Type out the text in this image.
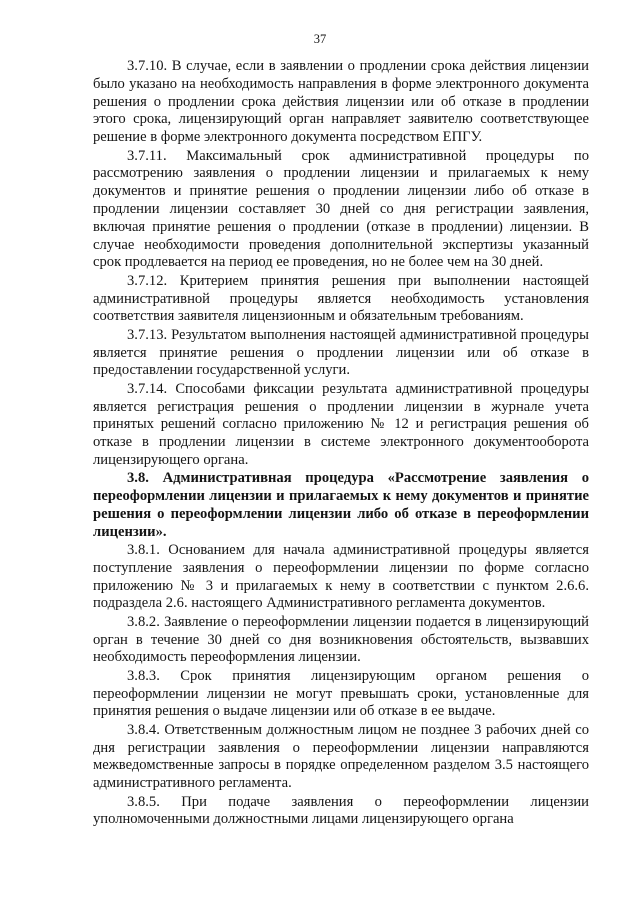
37

3.7.10. В случае, если в заявлении о продлении срока действия лицензии было указано на необходимость направления в форме электронного документа решения о продлении срока действия лицензии или об отказе в продлении этого срока, лицензирующий орган направляет заявителю соответствующее решение в форме электронного документа посредством ЕПГУ.

3.7.11. Максимальный срок административной процедуры по рассмотрению заявления о продлении лицензии и прилагаемых к нему документов и принятие решения о продлении лицензии либо об отказе в продлении лицензии составляет 30 дней со дня регистрации заявления, включая принятие решения о продлении (отказе в продлении) лицензии. В случае необходимости проведения дополнительной экспертизы указанный срок продлевается на период ее проведения, но не более чем на 30 дней.

3.7.12. Критерием принятия решения при выполнении настоящей административной процедуры является необходимость установления соответствия заявителя лицензионным и обязательным требованиям.

3.7.13. Результатом выполнения настоящей административной процедуры является принятие решения о продлении лицензии или об отказе в предоставлении государственной услуги.

3.7.14. Способами фиксации результата административной процедуры является регистрация решения о продлении лицензии в журнале учета принятых решений согласно приложению № 12 и регистрация решения об отказе в продлении лицензии в системе электронного документооборота лицензирующего органа.

3.8. Административная процедура «Рассмотрение заявления о переоформлении лицензии и прилагаемых к нему документов и принятие решения о переоформлении лицензии либо об отказе в переоформлении лицензии».

3.8.1. Основанием для начала административной процедуры является поступление заявления о переоформлении лицензии по форме согласно приложению № 3 и прилагаемых к нему в соответствии с пунктом 2.6.6. подраздела 2.6. настоящего Административного регламента документов.

3.8.2. Заявление о переоформлении лицензии подается в лицензирующий орган в течение 30 дней со дня возникновения обстоятельств, вызвавших необходимость переоформления лицензии.

3.8.3. Срок принятия лицензирующим органом решения о переоформлении лицензии не могут превышать сроки, установленные для принятия решения о выдаче лицензии или об отказе в ее выдаче.

3.8.4. Ответственным должностным лицом не позднее 3 рабочих дней со дня регистрации заявления о переоформлении лицензии направляются межведомственные запросы в порядке определенном разделом 3.5 настоящего административного регламента.

3.8.5. При подаче заявления о переоформлении лицензии уполномоченными должностными лицами лицензирующего органа
